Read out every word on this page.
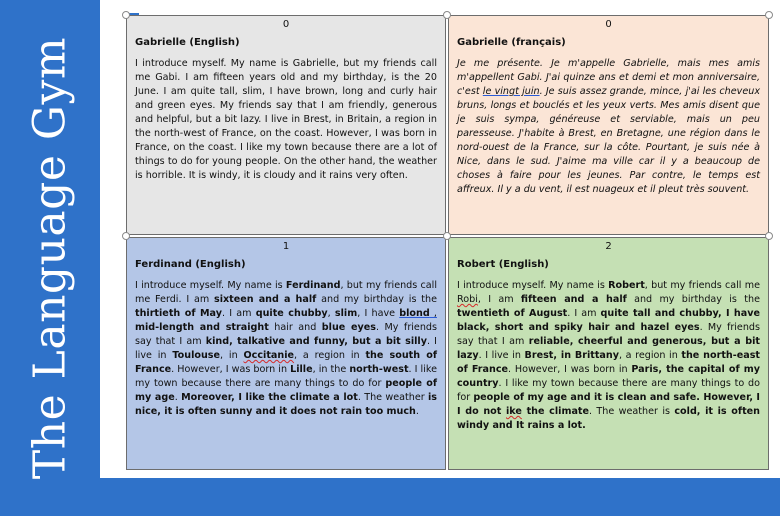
The Language Gym
0
Gabrielle (English)
I introduce myself. My name is Gabrielle, but my friends call me Gabi. I am fifteen years old and my birthday, is the 20 June. I am quite tall, slim, I have brown, long and curly hair and green eyes. My friends say that I am friendly, generous and helpful, but a bit lazy. I live in Brest, in Britain, a region in the north-west of France, on the coast. However, I was born in France, on the coast. I like my town because there are a lot of things to do for young people. On the other hand, the weather is horrible. It is windy, it is cloudy and it rains very often.
0
Gabrielle (français)
Je me présente. Je m'appelle Gabrielle, mais mes amis m'appellent Gabi. J'ai quinze ans et demi et mon anniversaire, c'est le vingt juin. Je suis assez grande, mince, j'ai les cheveux bruns, longs et bouclés et les yeux verts. Mes amis disent que je suis sympa, généreuse et serviable, mais un peu paresseuse. J'habite à Brest, en Bretagne, une région dans le nord-ouest de la France, sur la côte. Pourtant, je suis née à Nice, dans le sud. J'aime ma ville car il y a beaucoup de choses à faire pour les jeunes. Par contre, le temps est affreux. Il y a du vent, il est nuageux et il pleut très souvent.
1
Ferdinand (English)
I introduce myself. My name is Ferdinand, but my friends call me Ferdi. I am sixteen and a half and my birthday is the thirtieth of May. I am quite chubby, slim, I have blond , mid-length and straight hair and blue eyes. My friends say that I am kind, talkative and funny, but a bit silly. I live in Toulouse, in Occitanie, a region in the south of France. However, I was born in Lille, in the north-west. I like my town because there are many things to do for people of my age. Moreover, I like the climate a lot. The weather is nice, it is often sunny and it does not rain too much.
2
Robert (English)
I introduce myself. My name is Robert, but my friends call me Robi, I am fifteen and a half and my birthday is the twentieth of August. I am quite tall and chubby, I have black, short and spiky hair and hazel eyes. My friends say that I am reliable, cheerful and generous, but a bit lazy. I live in Brest, in Brittany, a region in the north-east of France. However, I was born in Paris, the capital of my country. I like my town because there are many things to do for people of my age and it is clean and safe. However, I I do not ike the climate. The weather is cold, it is often windy and It rains a lot.
